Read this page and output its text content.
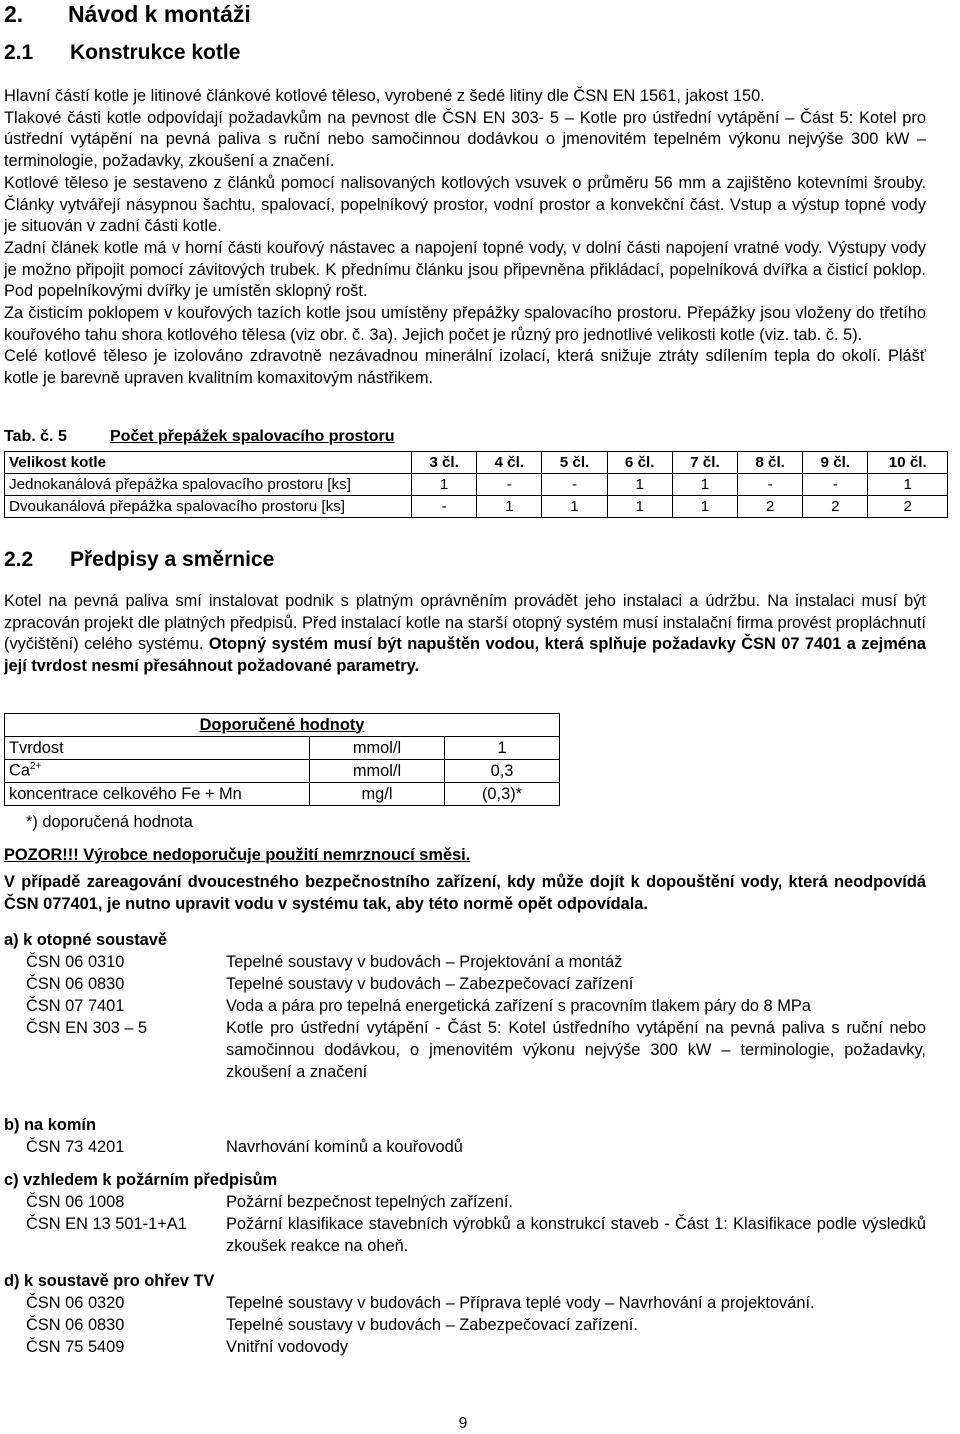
2. Návod k montáži
2.1 Konstrukce kotle

Hlavní částí kotle je litinové článkové kotlové těleso, vyrobené z šedé litiny dle ČSN EN 1561, jakost 150.

Tlakové části kotle odpovídají požadavkům na pevnost dle ČSN EN 303- 5 – Kotle pro ústřední vytápění – Část 5: Kotel pro ústřední vytápění na pevná paliva s ruční nebo samočinnou dodávkou o jmenovitém tepelném výkonu nejvýše 300 kW – terminologie, požadavky, zkoušení a značení.

Kotlové těleso je sestaveno z článků pomocí nalisovaných kotlových vsuvek o průměru 56 mm a zajištěno kotevními šrouby. Články vytvářejí násypnou šachtu, spalovací, popelníkový prostor, vodní prostor a konvekční část. Vstup a výstup topné vody je situován v zadní části kotle.

Zadní článek kotle má v horní části kouřový nástavec a napojení topné vody, v dolní části napojení vratné vody. Výstupy vody je možno připojit pomocí závitových trubek. K přednímu článku jsou připevněna přikládací, popelníková dvířka a čisticí poklop. Pod popelníkovými dvířky je umístěn sklopný rošt.

Za čisticím poklopem v kouřových tazích kotle jsou umístěny přepážky spalovacího prostoru. Přepážky jsou vloženy do třetího kouřového tahu shora kotlového tělesa (viz obr. č. 3a). Jejich počet je různý pro jednotlivé velikosti kotle (viz. tab. č. 5).

Celé kotlové těleso je izolováno zdravotně nezávadnou minerální izolací, která snižuje ztráty sdílením tepla do okolí. Plášť kotle je barevně upraven kvalitním komaxitovým nástřikem.

Tab. č. 5	Počet přepážek spalovacího prostoru
Velikost kotle	3 čl.	4 čl.	5 čl.	6 čl.	7 čl.	8 čl.	9 čl.	10 čl.
Jednokanálová přepážka spalovacího prostoru [ks]	1	-	-	1	1	-	-	1
Dvoukanálová přepážka spalovacího prostoru [ks]	-	1	1	1	1	2	2	2
2.2 Předpisy a směrnice
Kotel na pevná paliva smí instalovat podnik s platným oprávněním provádět jeho instalaci a údržbu. Na instalaci musí být zpracován projekt dle platných předpisů. Před instalací kotle na starší otopný systém musí instalační firma provést propláchnutí (vyčištění) celého systému. Otopný systém musí být napuštěn vodou, která splňuje požadavky ČSN 07 7401 a zejména její tvrdost nesmí přesáhnout požadované parametry.
Doporučené hodnoty		
Tvrdost	mmol/l	1
$Ca^{2+}$	mmol/l	0,3
koncentrace celkového Fe + Mn	mg/l	(0,3)*
*) doporučená hodnota
POZOR!!! Výrobce nedoporučuje použití nemrznoucí směsi.
V případě zareagování dvoucestného bezpečnostního zařízení, kdy může dojít k dopouštění vody, která neodpovídá ČSN 077401, je nutno upravit vodu v systému tak, aby této normě opět odpovídala.
a) k otopné soustavě
ČSN 06 0310	Tepelné soustavy v budovách – Projektování a montáž
ČSN 06 0830	Tepelné soustavy v budovách – Zabezpečovací zařízení
ČSN 07 7401	Voda a pára pro tepelná energetická zařízení s pracovním tlakem páry do 8 MPa
ČSN EN 303 – 5	Kotle pro ústřední vytápění - Část 5: Kotel ústředního vytápění na pevná paliva s ruční nebo samočinnou dodávkou, o jmenovitém výkonu nejvýše 300 kW – terminologie, požadavky, zkoušení a značení
b) na komín
ČSN 73 4201	Navrhování komínů a kouřovodů
c) vzhledem k požárním předpisům
ČSN 06 1008	Požární bezpečnost tepelných zařízení.
ČSN EN 13 501-1+A1	Požární klasifikace stavebních výrobků a konstrukcí staveb - Část 1: Klasifikace podle výsledků zkoušek reakce na oheň.
d) k soustavě pro ohřev TV
ČSN 06 0320	Tepelné soustavy v budovách – Příprava teplé vody – Navrhování a projektování.
ČSN 06 0830	Tepelné soustavy v budovách – Zabezpečovací zařízení.
ČSN 75 5409	Vnitřní vodovody
9
